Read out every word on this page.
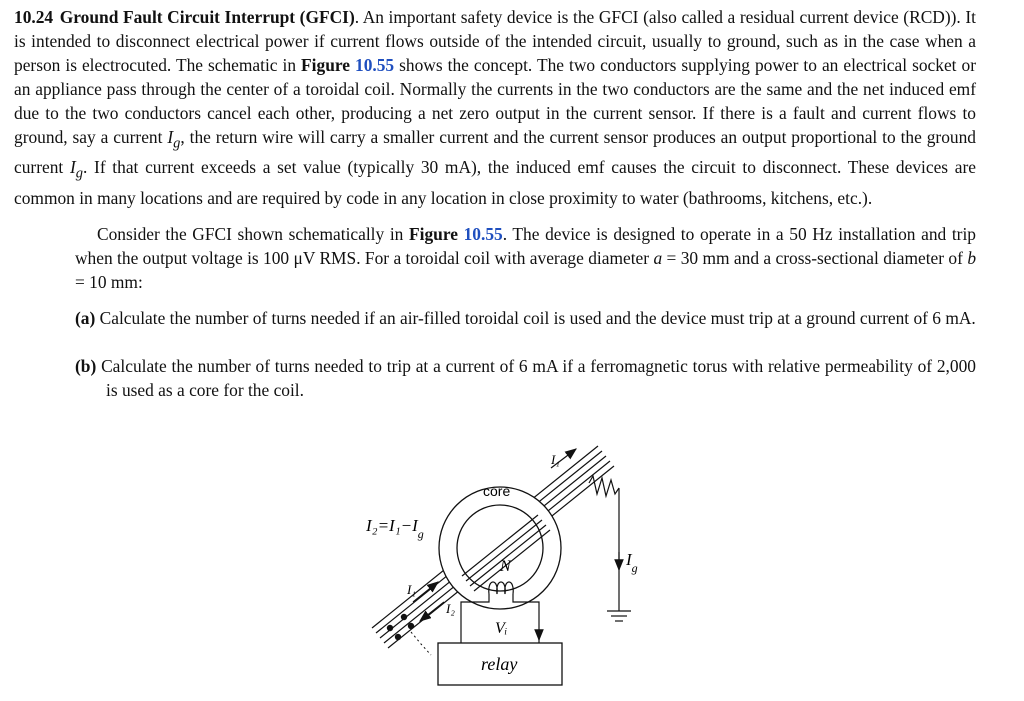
10.24 Ground Fault Circuit Interrupt (GFCI). An important safety device is the GFCI (also called a residual current device (RCD)). It is intended to disconnect electrical power if current flows outside of the intended circuit, usually to ground, such as in the case when a person is electrocuted. The schematic in Figure 10.55 shows the concept. The two conductors supplying power to an electrical socket or an appliance pass through the center of a toroidal coil. Normally the currents in the two conductors are the same and the net induced emf due to the two conductors cancel each other, producing a net zero output in the current sensor. If there is a fault and current flows to ground, say a current $I_g$, the return wire will carry a smaller current and the current sensor produces an output proportional to the ground current $I_g$. If that current exceeds a set value (typically 30 mA), the induced emf causes the circuit to disconnect. These devices are common in many locations and are required by code in any location in close proximity to water (bathrooms, kitchens, etc.).

Consider the GFCI shown schematically in Figure 10.55. The device is designed to operate in a 50 Hz installation and trip when the output voltage is 100 μV RMS. For a toroidal coil with average diameter a = 30 mm and a cross-sectional diameter of b = 10 mm:

(a) Calculate the number of turns needed if an air-filled toroidal coil is used and the device must trip at a ground current of 6 mA.

(b) Calculate the number of turns needed to trip at a current of 6 mA if a ferromagnetic torus with relative permeability of 2,000 is used as a core for the coil.

core
$I_2=I_1-I_g$
N
I₁
I₁
I₂
$I_g$
Vᵢ
relay
